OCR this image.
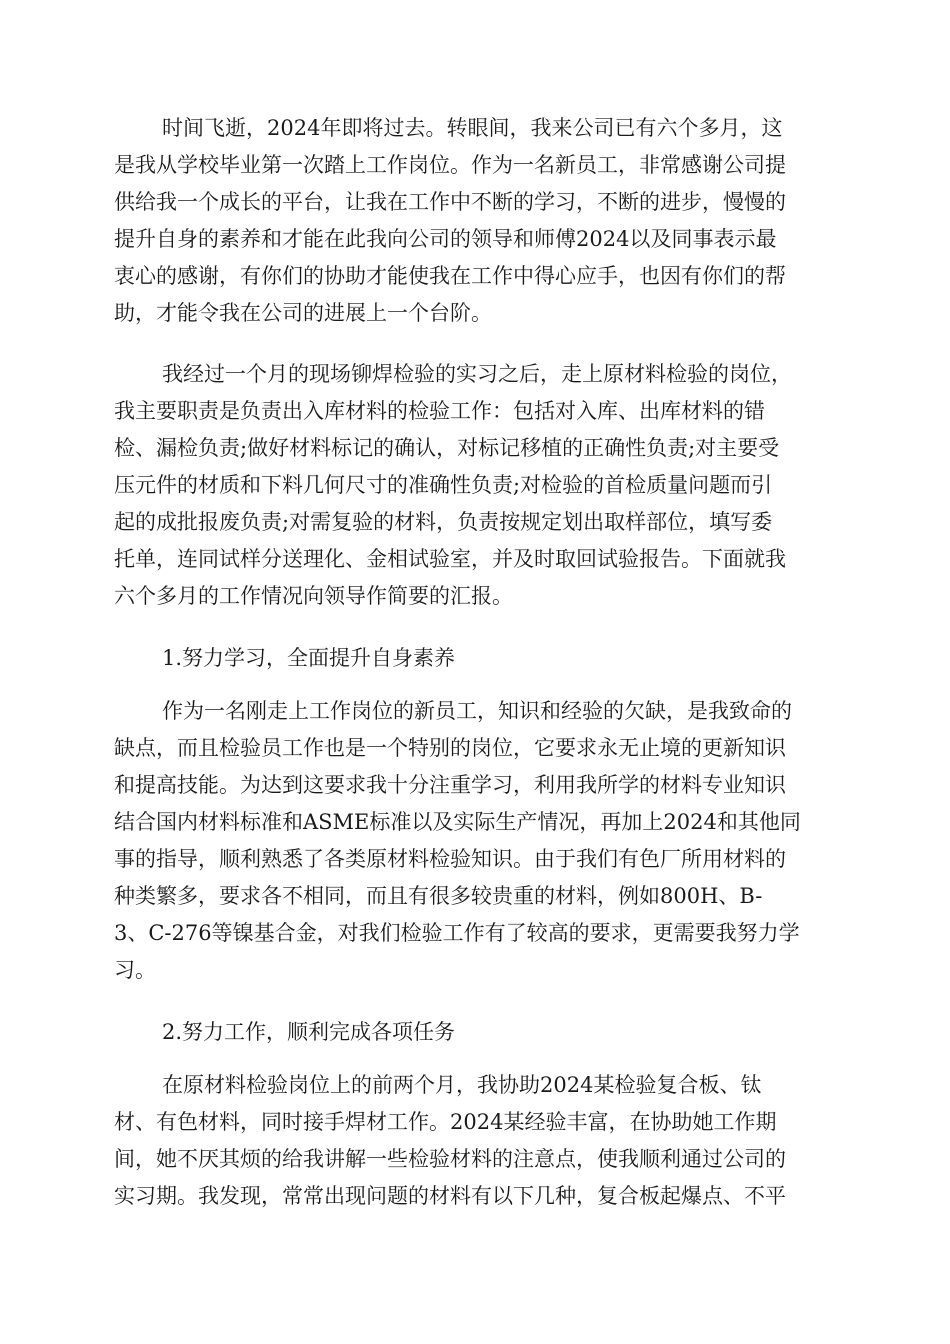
时间飞逝，2024年即将过去。转眼间，我来公司已有六个多月，这
是我从学校毕业第一次踏上工作岗位。作为一名新员工，非常感谢公司提
供给我一个成长的平台，让我在工作中不断的学习，不断的进步，慢慢的
提升自身的素养和才能在此我向公司的领导和师傅2024以及同事表示最
衷心的感谢，有你们的协助才能使我在工作中得心应手，也因有你们的帮
助，才能令我在公司的进展上一个台阶。
我经过一个月的现场铆焊检验的实习之后，走上原材料检验的岗位，
我主要职责是负责出入库材料的检验工作：包括对入库、出库材料的错
检、漏检负责;做好材料标记的确认，对标记移植的正确性负责;对主要受
压元件的材质和下料几何尺寸的准确性负责;对检验的首检质量问题而引
起的成批报废负责;对需复验的材料，负责按规定划出取样部位，填写委
托单，连同试样分送理化、金相试验室，并及时取回试验报告。下面就我
六个多月的工作情况向领导作简要的汇报。
1.努力学习，全面提升自身素养
作为一名刚走上工作岗位的新员工，知识和经验的欠缺，是我致命的
缺点，而且检验员工作也是一个特别的岗位，它要求永无止境的更新知识
和提高技能。为达到这要求我十分注重学习，利用我所学的材料专业知识
结合国内材料标准和ASME标准以及实际生产情况，再加上2024和其他同
事的指导，顺利熟悉了各类原材料检验知识。由于我们有色厂所用材料的
种类繁多，要求各不相同，而且有很多较贵重的材料，例如800H、B-
3、C-276等镍基合金，对我们检验工作有了较高的要求，更需要我努力学
习。
2.努力工作，顺利完成各项任务
在原材料检验岗位上的前两个月，我协助2024某检验复合板、钛
材、有色材料，同时接手焊材工作。2024某经验丰富，在协助她工作期
间，她不厌其烦的给我讲解一些检验材料的注意点，使我顺利通过公司的
实习期。我发现，常常出现问题的材料有以下几种，复合板起爆点、不平
